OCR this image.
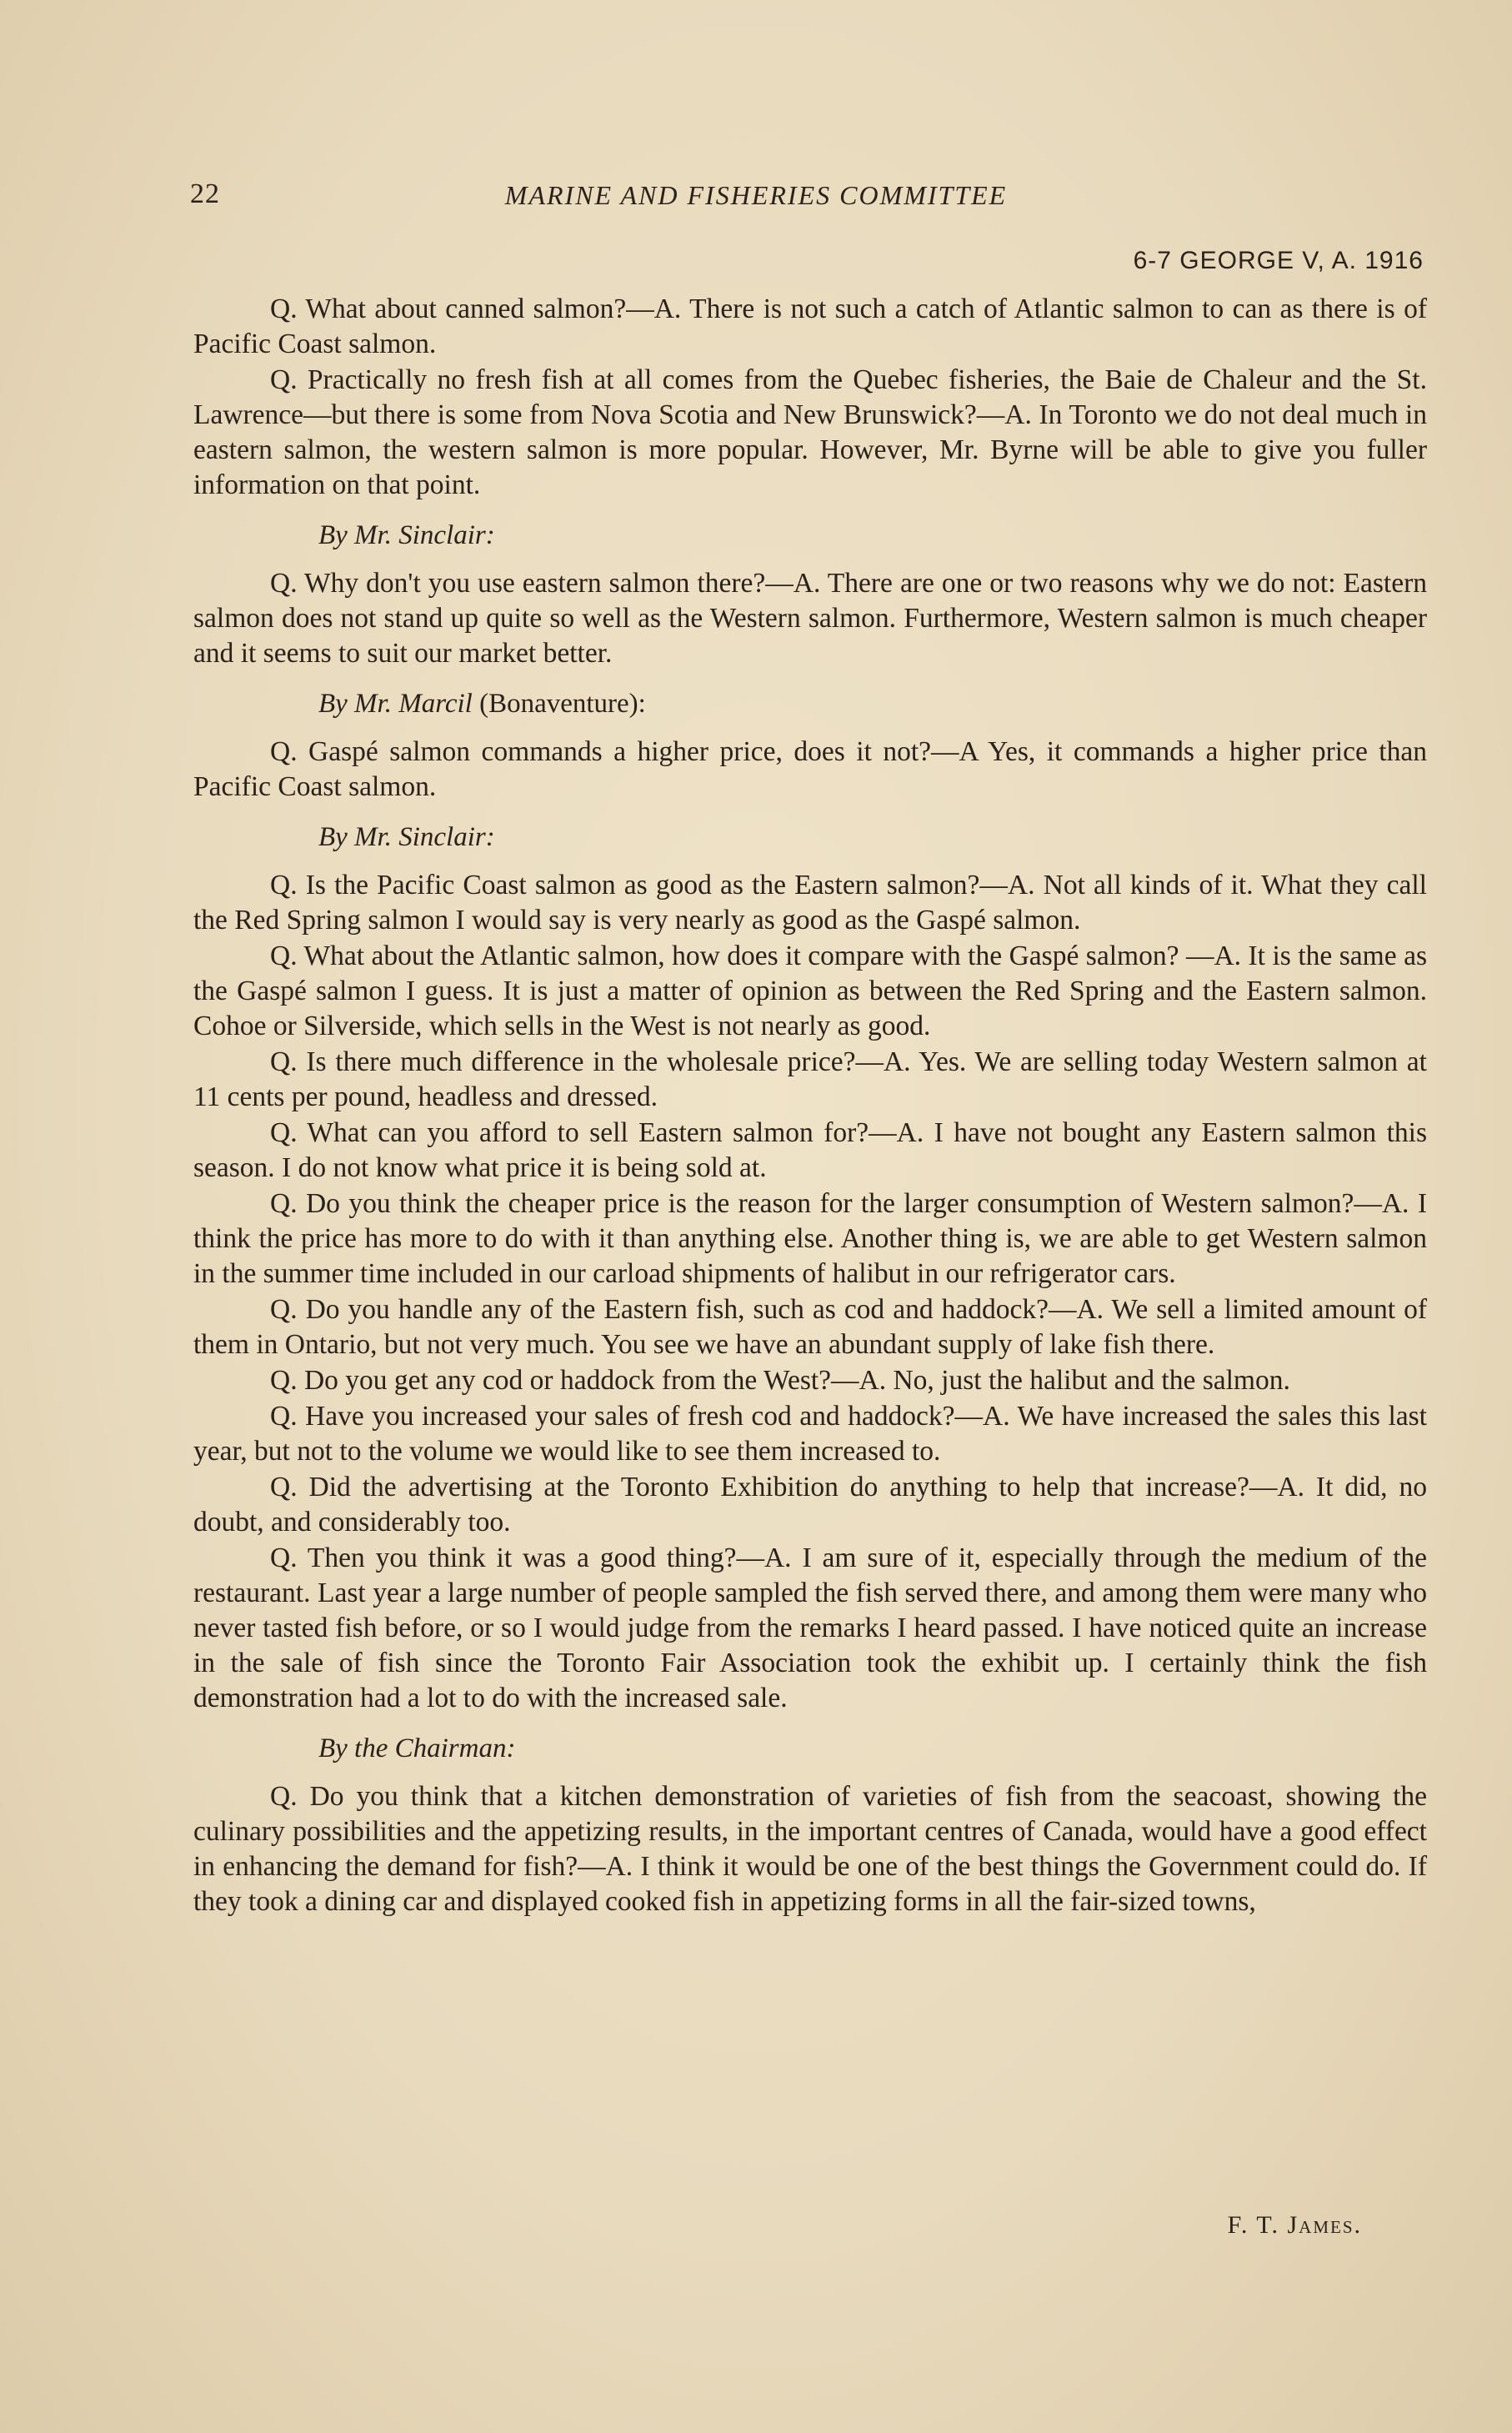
22	MARINE AND FISHERIES COMMITTEE
6-7 GEORGE V, A. 1916

Q. What about canned salmon?—A. There is not such a catch of Atlantic salmon to can as there is of Pacific Coast salmon.

Q. Practically no fresh fish at all comes from the Quebec fisheries, the Baie de Chaleur and the St. Lawrence—but there is some from Nova Scotia and New Brunswick?—A. In Toronto we do not deal much in eastern salmon, the western salmon is more popular. However, Mr. Byrne will be able to give you fuller information on that point.

By Mr. Sinclair:

Q. Why don't you use eastern salmon there?—A. There are one or two reasons why we do not: Eastern salmon does not stand up quite so well as the Western salmon. Furthermore, Western salmon is much cheaper and it seems to suit our market better.

By Mr. Marcil (Bonaventure):

Q. Gaspé salmon commands a higher price, does it not?—A Yes, it commands a higher price than Pacific Coast salmon.

By Mr. Sinclair:

Q. Is the Pacific Coast salmon as good as the Eastern salmon?—A. Not all kinds of it. What they call the Red Spring salmon I would say is very nearly as good as the Gaspé salmon.

Q. What about the Atlantic salmon, how does it compare with the Gaspé salmon? —A. It is the same as the Gaspé salmon I guess. It is just a matter of opinion as between the Red Spring and the Eastern salmon. Cohoe or Silverside, which sells in the West is not nearly as good.

Q. Is there much difference in the wholesale price?—A. Yes. We are selling today Western salmon at 11 cents per pound, headless and dressed.

Q. What can you afford to sell Eastern salmon for?—A. I have not bought any Eastern salmon this season. I do not know what price it is being sold at.

Q. Do you think the cheaper price is the reason for the larger consumption of Western salmon?—A. I think the price has more to do with it than anything else. Another thing is, we are able to get Western salmon in the summer time included in our carload shipments of halibut in our refrigerator cars.

Q. Do you handle any of the Eastern fish, such as cod and haddock?—A. We sell a limited amount of them in Ontario, but not very much. You see we have an abundant supply of lake fish there.

Q. Do you get any cod or haddock from the West?—A. No, just the halibut and the salmon.

Q. Have you increased your sales of fresh cod and haddock?—A. We have increased the sales this last year, but not to the volume we would like to see them increased to.

Q. Did the advertising at the Toronto Exhibition do anything to help that increase?—A. It did, no doubt, and considerably too.

Q. Then you think it was a good thing?—A. I am sure of it, especially through the medium of the restaurant. Last year a large number of people sampled the fish served there, and among them were many who never tasted fish before, or so I would judge from the remarks I heard passed. I have noticed quite an increase in the sale of fish since the Toronto Fair Association took the exhibit up. I certainly think the fish demonstration had a lot to do with the increased sale.

By the Chairman:

Q. Do you think that a kitchen demonstration of varieties of fish from the seacoast, showing the culinary possibilities and the appetizing results, in the important centres of Canada, would have a good effect in enhancing the demand for fish?—A. I think it would be one of the best things the Government could do. If they took a dining car and displayed cooked fish in appetizing forms in all the fair-sized towns,

F. T. James.
